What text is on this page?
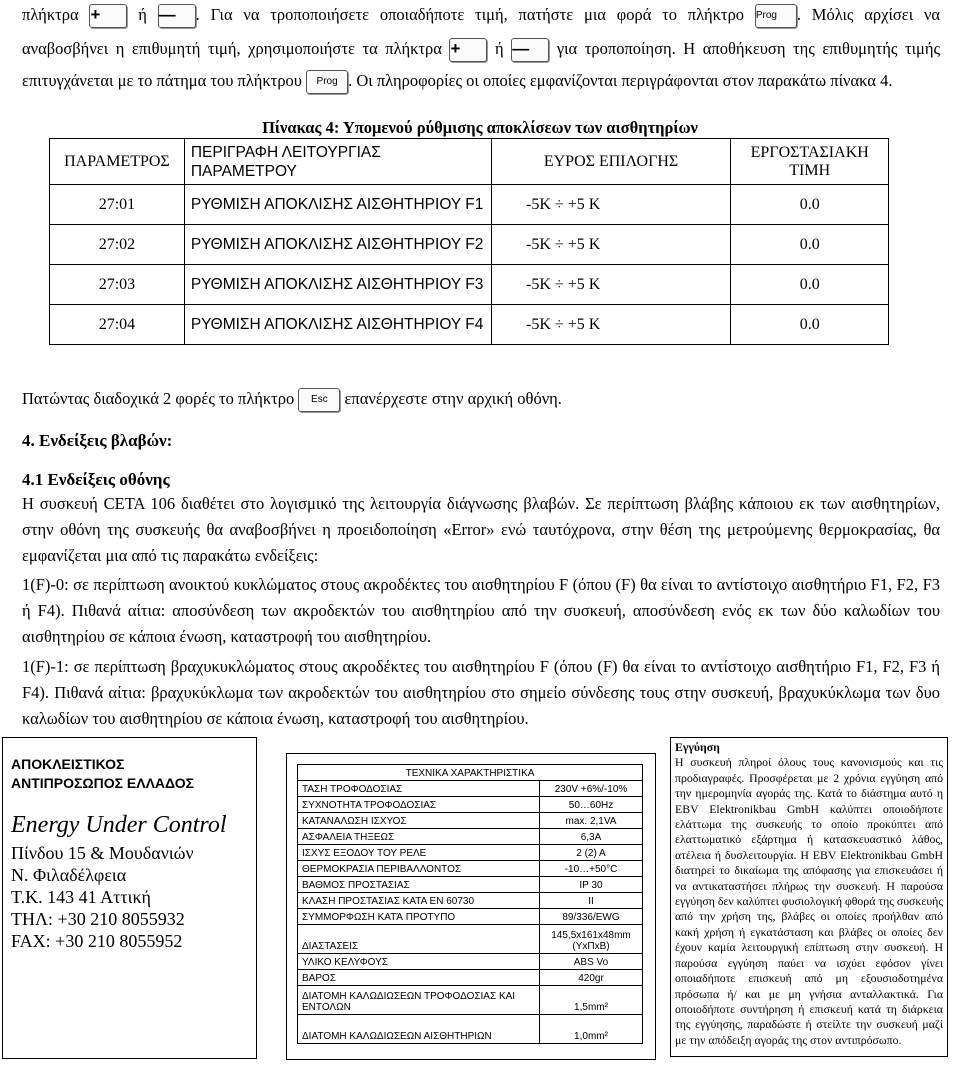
πλήκτρα + ή — . Για να τροποποιήσετε οποιαδήποτε τιμή, πατήστε μια φορά το πλήκτρο Prog . Μόλις αρχίσει να
αναβοσβήνει η επιθυμητή τιμή, χρησιμοποιήστε τα πλήκτρα + ή — για τροποποίηση. Η αποθήκευση της επιθυμητής τιμής
επιτυγχάνεται με το πάτημα του πλήκτρου Prog . Οι πληροφορίες οι οποίες εμφανίζονται περιγράφονται στον παρακάτω πίνακα 4.
Πίνακας 4: Υπομενού ρύθμισης αποκλίσεων των αισθητηρίων
ΠΑΡΑΜΕΤΡΟΣ	ΠΕΡΙΓΡΑΦΗ ΛΕΙΤΟΥΡΓΙΑΣ ΠΑΡΑΜΕΤΡΟΥ	ΕΥΡΟΣ ΕΠΙΛΟΓΗΣ	ΕΡΓΟΣΤΑΣΙΑΚΗ ΤΙΜΗ
27:01	ΡΥΘΜΙΣΗ ΑΠΟΚΛΙΣΗΣ ΑΙΣΘΗΤΗΡΙΟΥ F1	-5K ÷ +5 K	0.0
27:02	ΡΥΘΜΙΣΗ ΑΠΟΚΛΙΣΗΣ ΑΙΣΘΗΤΗΡΙΟΥ F2	-5K ÷ +5 K	0.0
27:03	ΡΥΘΜΙΣΗ ΑΠΟΚΛΙΣΗΣ ΑΙΣΘΗΤΗΡΙΟΥ F3	-5K ÷ +5 K	0.0
27:04	ΡΥΘΜΙΣΗ ΑΠΟΚΛΙΣΗΣ ΑΙΣΘΗΤΗΡΙΟΥ F4	-5K ÷ +5 K	0.0
Πατώντας διαδοχικά 2 φορές το πλήκτρο Esc επανέρχεστε στην αρχική οθόνη.
4. Ενδείξεις βλαβών:
4.1 Ενδείξεις οθόνης
Η συσκευή CETA 106 διαθέτει στο λογισμικό της λειτουργία διάγνωσης βλαβών. Σε περίπτωση βλάβης κάποιου εκ των αισθητηρίων, στην οθόνη της συσκευής θα αναβοσβήνει η προειδοποίηση «Error» ενώ ταυτόχρονα, στην θέση της μετρούμενης θερμοκρασίας, θα εμφανίζεται μια από τις παρακάτω ενδείξεις:
1(F)-0: σε περίπτωση ανοικτού κυκλώματος στους ακροδέκτες του αισθητηρίου F (όπου (F) θα είναι το αντίστοιχο αισθητήριο F1, F2, F3 ή F4). Πιθανά αίτια: αποσύνδεση των ακροδεκτών του αισθητηρίου από την συσκευή, αποσύνδεση ενός εκ των δύο καλωδίων του αισθητηρίου σε κάποια ένωση, καταστροφή του αισθητηρίου.
1(F)-1: σε περίπτωση βραχυκυκλώματος στους ακροδέκτες του αισθητηρίου F (όπου (F) θα είναι το αντίστοιχο αισθητήριο F1, F2, F3 ή F4). Πιθανά αίτια: βραχυκύκλωμα των ακροδεκτών του αισθητηρίου στο σημείο σύνδεσης τους στην συσκευή, βραχυκύκλωμα των δυο καλωδίων του αισθητηρίου σε κάποια ένωση, καταστροφή του αισθητηρίου.
ΑΠΟΚΛΕΙΣΤΙΚΟΣ
ΑΝΤΙΠΡΟΣΩΠΟΣ ΕΛΛΑΔΟΣ
Energy Under Control
Πίνδου 15 & Μουδανιών
Ν. Φιλαδέλφεια
Τ.Κ. 143 41 Αττική
ΤΗΛ: +30 210 8055932
FAX: +30 210 8055952
ΤΕΧΝΙΚΑ ΧΑΡΑΚΤΗΡΙΣΤΙΚΑ	
ΤΑΣΗ ΤΡΟΦΟΔΟΣΙΑΣ	230V +6%/-10%
ΣΥΧΝΟΤΗΤΑ ΤΡΟΦΟΔΟΣΙΑΣ	50…60Hz
ΚΑΤΑΝΑΛΩΣΗ ΙΣΧΥΟΣ	max. 2,1VA
ΑΣΦΑΛΕΙΑ ΤΗΞΕΩΣ	6,3A
ΙΣΧΥΣ ΕΞΟΔΟΥ ΤΟΥ ΡΕΛΕ	2 (2) A
ΘΕΡΜΟΚΡΑΣΙΑ ΠΕΡΙΒΑΛΛΟΝΤΟΣ	-10…+50°C
ΒΑΘΜΟΣ ΠΡΟΣΤΑΣΙΑΣ	IP 30
ΚΛΑΣΗ ΠΡΟΣΤΑΣΙΑΣ ΚΑΤΑ ΕΝ 60730	II
ΣΥΜΜΟΡΦΩΣΗ ΚΑΤΆ ΠΡΟΤΥΠΟ	89/336/EWG
ΔΙΑΣΤΑΣΕΙΣ	145,5x161x48mm (ΥxΠxΒ)
ΥΛΙΚΟ ΚΕΛΥΦΟΥΣ	ABS Vo
ΒΑΡΟΣ	420gr
ΔΙΑΤΟΜΗ ΚΑΛΩΔΙΩΣΕΩΝ ΤΡΟΦΟΔΟΣΙΑΣ ΚΑΙ ΕΝΤΟΛΩΝ	1,5mm²
ΔΙΑΤΟΜΗ ΚΑΛΩΔΙΩΣΕΩΝ ΑΙΣΘΗΤΗΡΙΩΝ	1,0mm²
Εγγύηση
Η συσκευή πληροί όλους τους κανονισμούς και τις προδιαγραφές. Προσφέρεται με 2 χρόνια εγγύηση από την ημερομηνία αγοράς της. Κατά το διάστημα αυτό η EBV Elektronikbau GmbH καλύπτει οποιοδήποτε ελάττωμα της συσκευής το οποίο προκύπτει από ελαττωματικό εξάρτημα ή κατασκευαστικό λάθος, ατέλεια ή δυσλειτουργία. Η EBV Elektronikbau GmbH διατηρεί το δικαίωμα της απόφασης για επισκευάσει ή να αντικαταστήσει πλήρως την συσκευή. Η παρούσα εγγύηση δεν καλύπτει φυσιολογική φθορά της συσκευής από την χρήση της, βλάβες οι οποίες προήλθαν από κακή χρήση ή εγκατάσταση και βλάβες οι οποίες δεν έχουν καμία λειτουργική επίπτωση στην συσκευή. Η παρούσα εγγύηση παύει να ισχύει εφόσον γίνει οποιαδήποτε επισκευή από μη εξουσιοδοτημένα πρόσωπα ή/ και με μη γνήσια ανταλλακτικά. Για οποιοδήποτε συντήρηση ή επισκευή κατά τη διάρκεια της εγγύησης, παραδώστε ή στείλτε την συσκευή μαζί με την απόδειξη αγοράς της στον αντιπρόσωπο.
